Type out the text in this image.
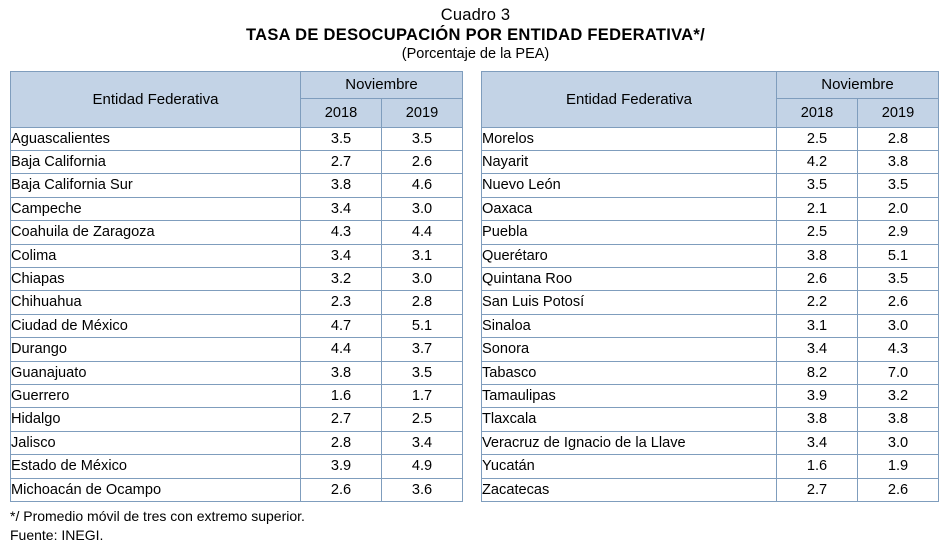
Cuadro 3
TASA DE DESOCUPACIÓN POR ENTIDAD FEDERATIVA*/
(Porcentaje de la PEA)
Entidad Federativa	Noviembre	
	2018	2019
Aguascalientes	3.5	3.5
Baja California	2.7	2.6
Baja California Sur	3.8	4.6
Campeche	3.4	3.0
Coahuila de Zaragoza	4.3	4.4
Colima	3.4	3.1
Chiapas	3.2	3.0
Chihuahua	2.3	2.8
Ciudad de México	4.7	5.1
Durango	4.4	3.7
Guanajuato	3.8	3.5
Guerrero	1.6	1.7
Hidalgo	2.7	2.5
Jalisco	2.8	3.4
Estado de México	3.9	4.9
Michoacán de Ocampo	2.6	3.6
Entidad Federativa	Noviembre	
	2018	2019
Morelos	2.5	2.8
Nayarit	4.2	3.8
Nuevo León	3.5	3.5
Oaxaca	2.1	2.0
Puebla	2.5	2.9
Querétaro	3.8	5.1
Quintana Roo	2.6	3.5
San Luis Potosí	2.2	2.6
Sinaloa	3.1	3.0
Sonora	3.4	4.3
Tabasco	8.2	7.0
Tamaulipas	3.9	3.2
Tlaxcala	3.8	3.8
Veracruz de Ignacio de la Llave	3.4	3.0
Yucatán	1.6	1.9
Zacatecas	2.7	2.6
*/ Promedio móvil de tres con extremo superior.
Fuente: INEGI.
